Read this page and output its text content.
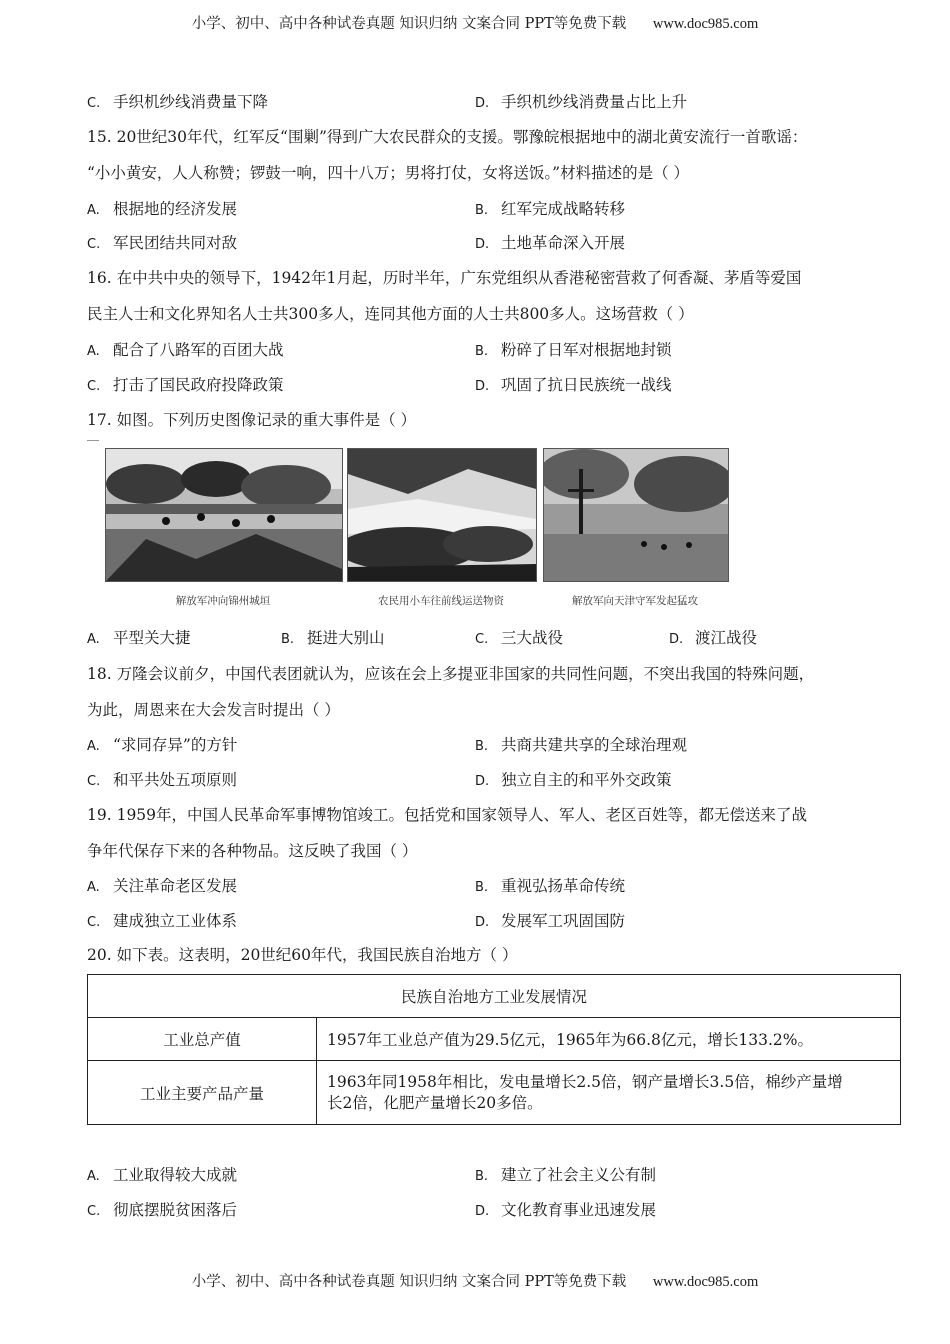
小学、初中、高中各种试卷真题 知识归纳 文案合同 PPT等免费下载 www.doc985.com
C. 手织机纱线消费量下降	D. 手织机纱线消费量占比上升
15. 20世纪30年代，红军反“围剿”得到广大农民群众的支援。鄂豫皖根据地中的湖北黄安流行一首歌谣：
“小小黄安，人人称赞；锣鼓一响，四十八万；男将打仗，女将送饭。”材料描述的是（ ）
A. 根据地的经济发展	B. 红军完成战略转移
C. 军民团结共同对敌	D. 土地革命深入开展
16. 在中共中央的领导下，1942年1月起，历时半年，广东党组织从香港秘密营救了何香凝、茅盾等爱国
民主人士和文化界知名人士共300多人，连同其他方面的人士共800多人。这场营救（ ）
A. 配合了八路军的百团大战	B. 粉碎了日军对根据地封锁
C. 打击了国民政府投降政策	D. 巩固了抗日民族统一战线
17. 如图。下列历史图像记录的重大事件是（ ）
解放军冲向锦州城垣	农民用小车往前线运送物资	解放军向天津守军发起猛攻
A. 平型关大捷	B. 挺进大别山	C. 三大战役	D. 渡江战役
18. 万隆会议前夕，中国代表团就认为，应该在会上多提亚非国家的共同性问题，不突出我国的特殊问题，
为此，周恩来在大会发言时提出（ ）
A. “求同存异”的方针	B. 共商共建共享的全球治理观
C. 和平共处五项原则	D. 独立自主的和平外交政策
19. 1959年，中国人民革命军事博物馆竣工。包括党和国家领导人、军人、老区百姓等，都无偿送来了战
争年代保存下来的各种物品。这反映了我国（ ）
A. 关注革命老区发展	B. 重视弘扬革命传统
C. 建成独立工业体系	D. 发展军工巩固国防
20. 如下表。这表明，20世纪60年代，我国民族自治地方（ ）
民族自治地方工业发展情况	
工业总产值	1957年工业总产值为29.5亿元，1965年为66.8亿元，增长133.2%。
工业主要产品产量	1963年同1958年相比，发电量增长2.5倍，钢产量增长3.5倍，棉纱产量增
长2倍，化肥产量增长20多倍。
A. 工业取得较大成就	B. 建立了社会主义公有制
C. 彻底摆脱贫困落后	D. 文化教育事业迅速发展
小学、初中、高中各种试卷真题 知识归纳 文案合同 PPT等免费下载 www.doc985.com
